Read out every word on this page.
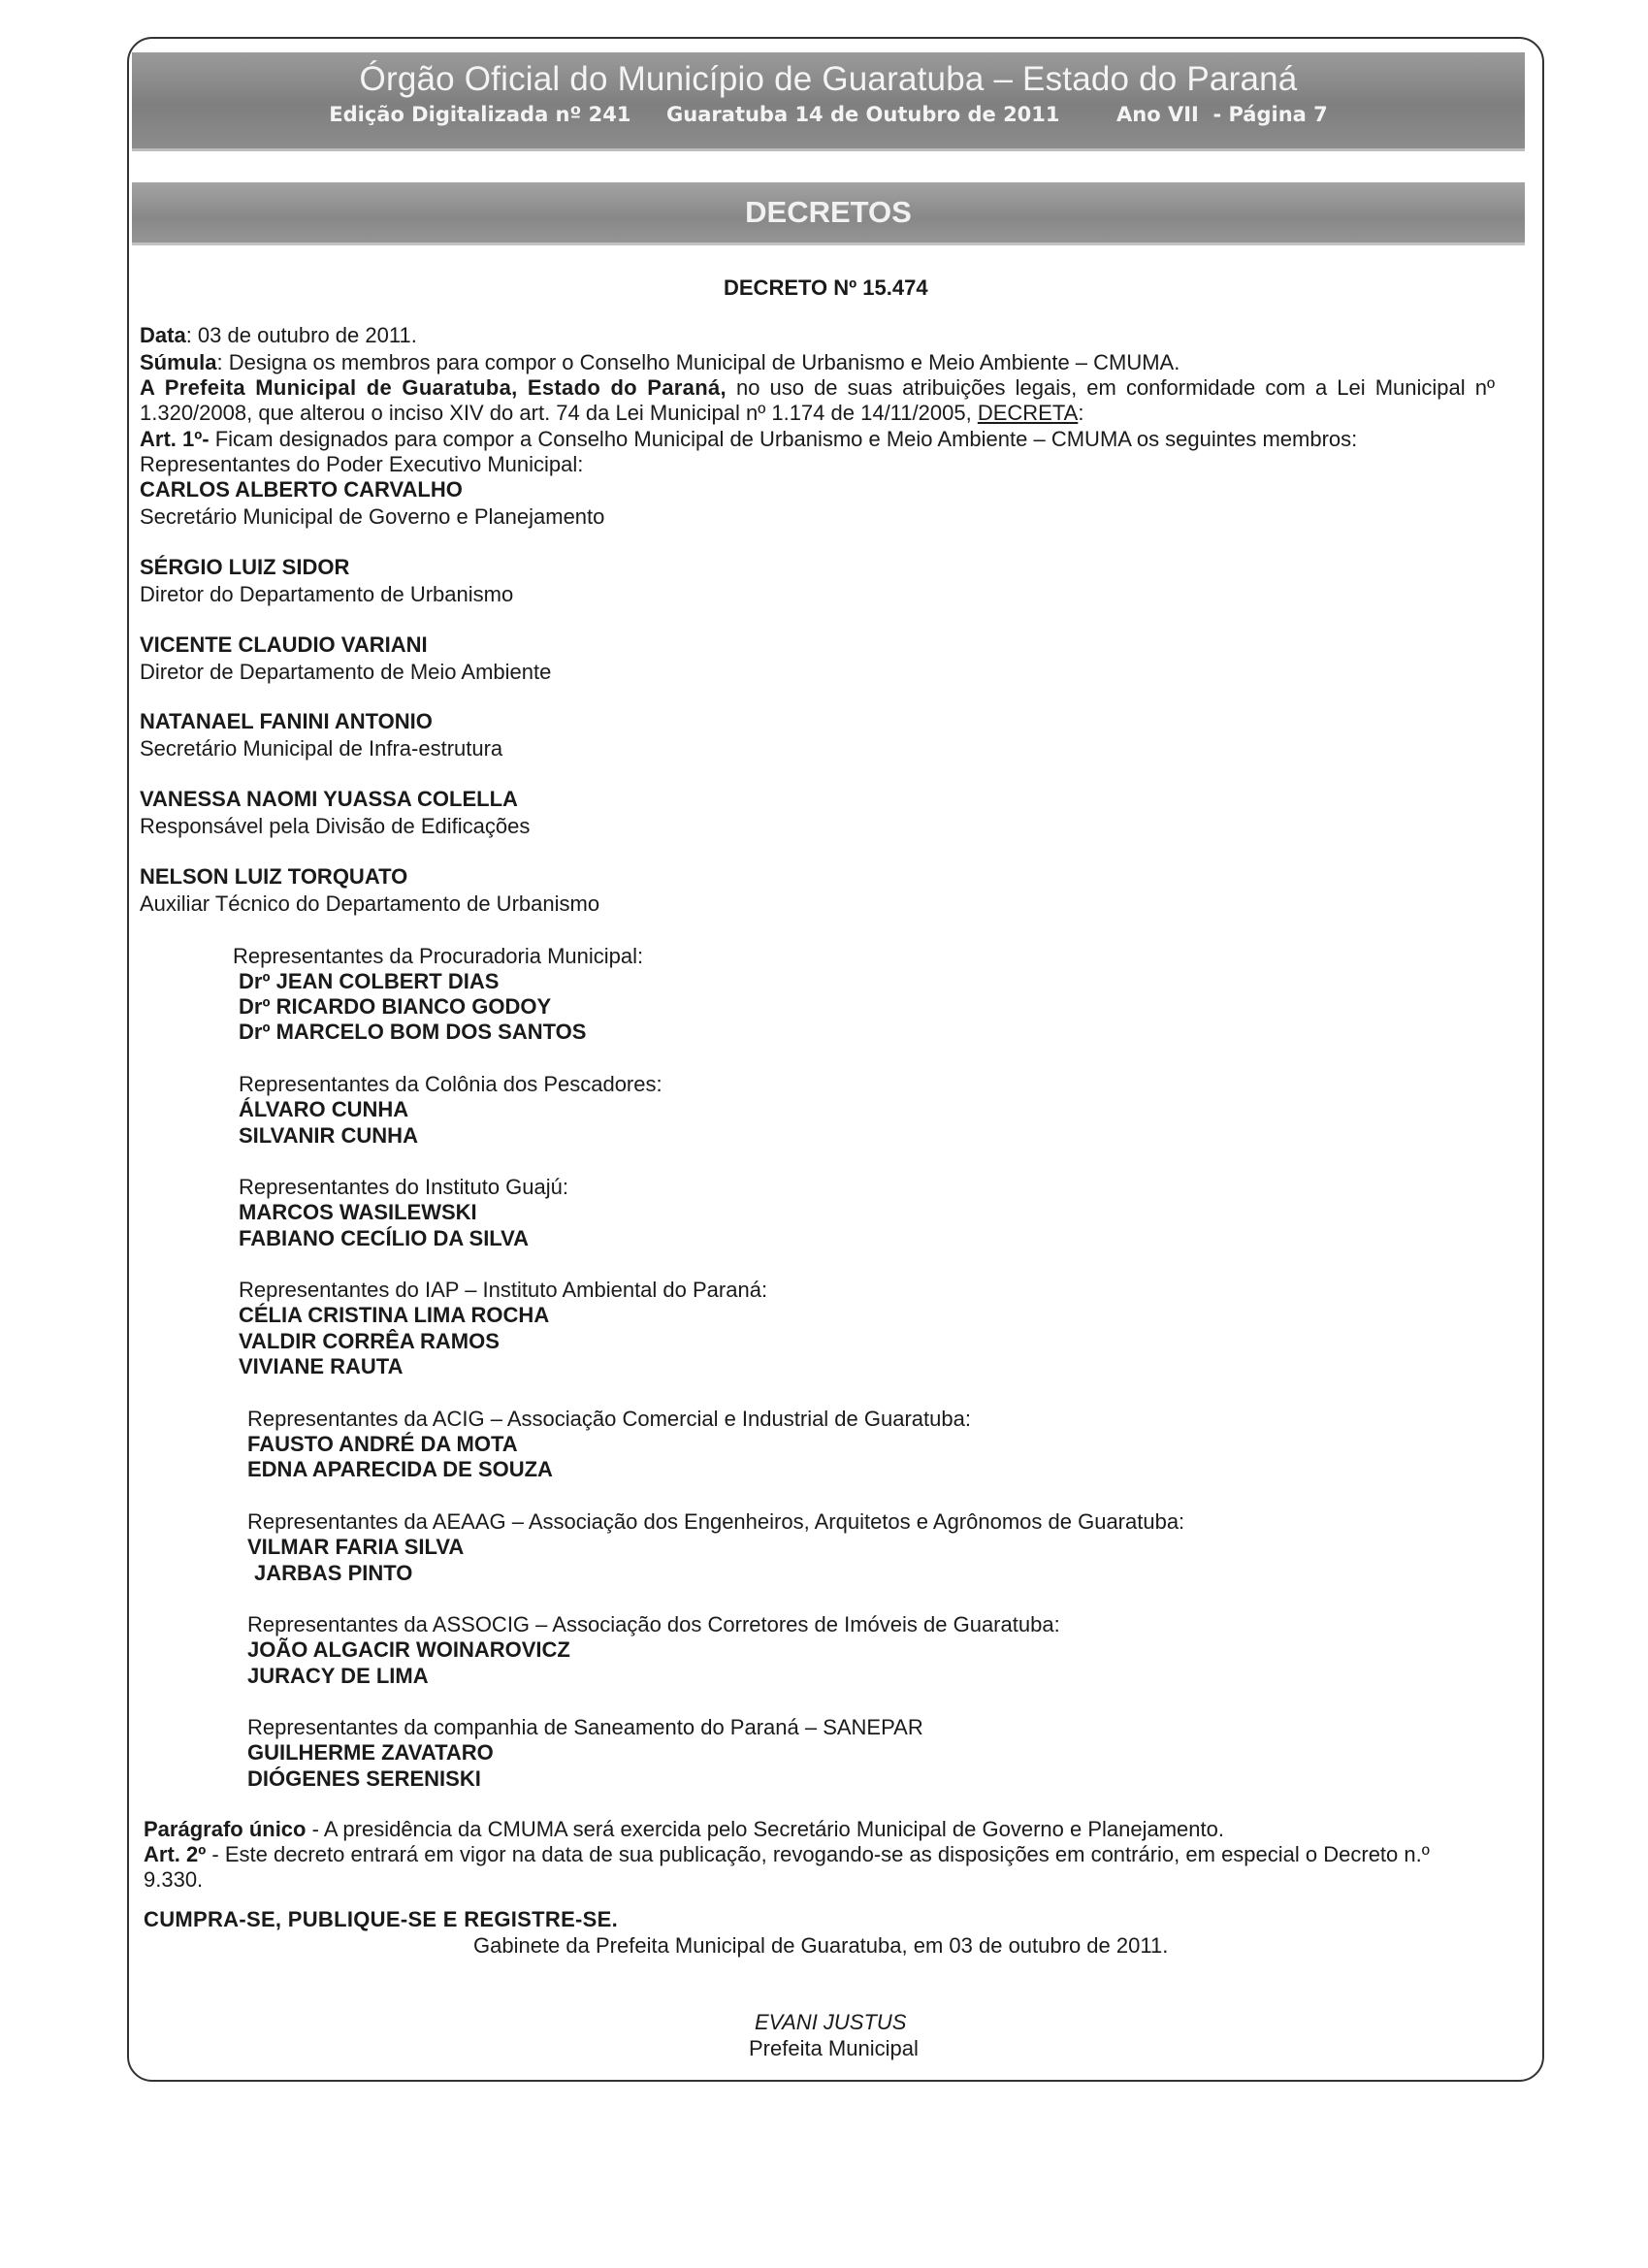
Órgão Oficial do Município de Guaratuba – Estado do Paraná
Edição Digitalizada nº 241     Guaratuba 14 de Outubro de 2011        Ano VII  - Página 7
DECRETOS
DECRETO Nº 15.474
Data: 03 de outubro de 2011.
Súmula: Designa os membros para compor o Conselho Municipal de Urbanismo e Meio Ambiente – CMUMA.
A Prefeita Municipal de Guaratuba, Estado do Paraná, no uso de suas atribuições legais, em conformidade com a Lei Municipal nº
1.320/2008, que alterou o inciso XIV do art. 74 da Lei Municipal nº 1.174 de 14/11/2005, DECRETA:
Art. 1º- Ficam designados para compor a Conselho Municipal de Urbanismo e Meio Ambiente – CMUMA os seguintes membros:
Representantes do Poder Executivo Municipal:
CARLOS ALBERTO CARVALHO
Secretário Municipal de Governo e Planejamento
SÉRGIO LUIZ SIDOR
Diretor do Departamento de Urbanismo
VICENTE CLAUDIO VARIANI
Diretor de Departamento de Meio Ambiente
NATANAEL FANINI ANTONIO
Secretário Municipal de Infra-estrutura
VANESSA NAOMI YUASSA COLELLA
Responsável pela Divisão de Edificações
NELSON LUIZ TORQUATO
Auxiliar Técnico do Departamento de Urbanismo
Representantes da Procuradoria Municipal:
Drº JEAN COLBERT DIAS
Drº RICARDO BIANCO GODOY
Drº MARCELO BOM DOS SANTOS
Representantes da Colônia dos Pescadores:
ÁLVARO CUNHA
SILVANIR CUNHA
Representantes do Instituto Guajú:
MARCOS WASILEWSKI
FABIANO CECÍLIO DA SILVA
Representantes do IAP – Instituto Ambiental do Paraná:
CÉLIA CRISTINA LIMA ROCHA
VALDIR CORRÊA RAMOS
VIVIANE RAUTA
Representantes da ACIG – Associação Comercial e Industrial de Guaratuba:
FAUSTO ANDRÉ DA MOTA
EDNA APARECIDA DE SOUZA
Representantes da AEAAG – Associação dos Engenheiros, Arquitetos e Agrônomos de Guaratuba:
VILMAR FARIA SILVA
JARBAS PINTO
Representantes da ASSOCIG – Associação dos Corretores de Imóveis de Guaratuba:
JOÃO ALGACIR WOINAROVICZ
JURACY DE LIMA
Representantes da companhia de Saneamento do Paraná – SANEPAR
GUILHERME ZAVATARO
DIÓGENES SERENISKI
Parágrafo único - A presidência da CMUMA será exercida pelo Secretário Municipal de Governo e Planejamento.
Art. 2º - Este decreto entrará em vigor na data de sua publicação, revogando-se as disposições em contrário, em especial o Decreto n.º
9.330.
CUMPRA-SE, PUBLIQUE-SE E REGISTRE-SE.
Gabinete da Prefeita Municipal de Guaratuba, em 03 de outubro de 2011.
EVANI JUSTUS
Prefeita Municipal
